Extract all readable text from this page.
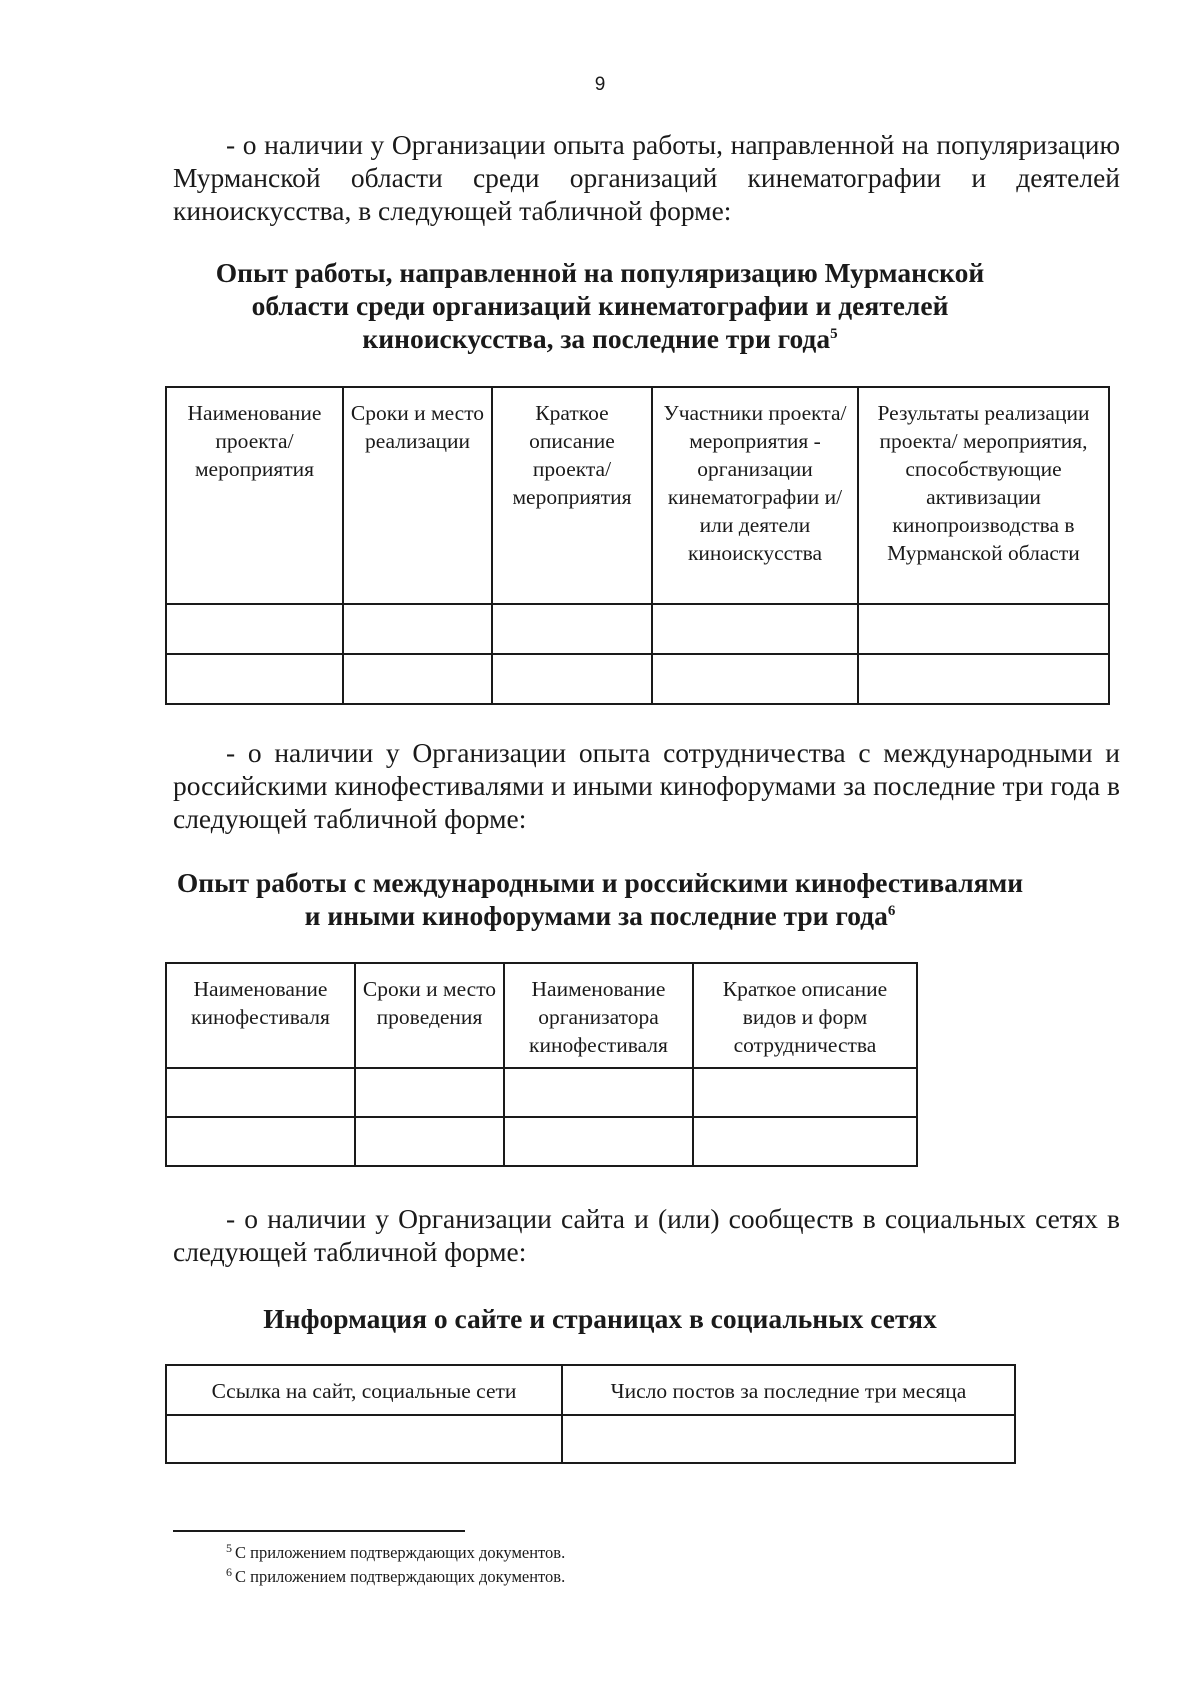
9

- о наличии у Организации опыта работы, направленной на популяризацию Мурманской области среди организаций кинематографии и деятелей киноискусства, в следующей табличной форме:

Опыт работы, направленной на популяризацию Мурманской
области среди организаций кинематографии и деятелей
киноискусства, за последние три года$^5$
Наименование проекта/ мероприятия	Сроки и место реализации	Краткое описание проекта/ мероприятия	Участники проекта/ мероприятия - организации кинематографии и/или деятели киноискусства	Результаты реализации проекта/ мероприятия, способствующие активизации кинопроизводства в Мурманской области

- о наличии у Организации опыта сотрудничества с международными и российскими кинофестивалями и иными кинофорумами за последние три года в следующей табличной форме:

Опыт работы с международными и российскими кинофестивалями
и иными кинофорумами за последние три года$^6$
Наименование кинофестиваля	Сроки и место проведения	Наименование организатора кинофестиваля	Краткое описание видов и форм сотрудничества

- о наличии у Организации сайта и (или) сообществ в социальных сетях в следующей табличной форме:

Информация о сайте и страницах в социальных сетях
Ссылка на сайт, социальные сети	Число постов за последние три месяца

$^5$ С приложением подтверждающих документов.

$^6$ С приложением подтверждающих документов.
